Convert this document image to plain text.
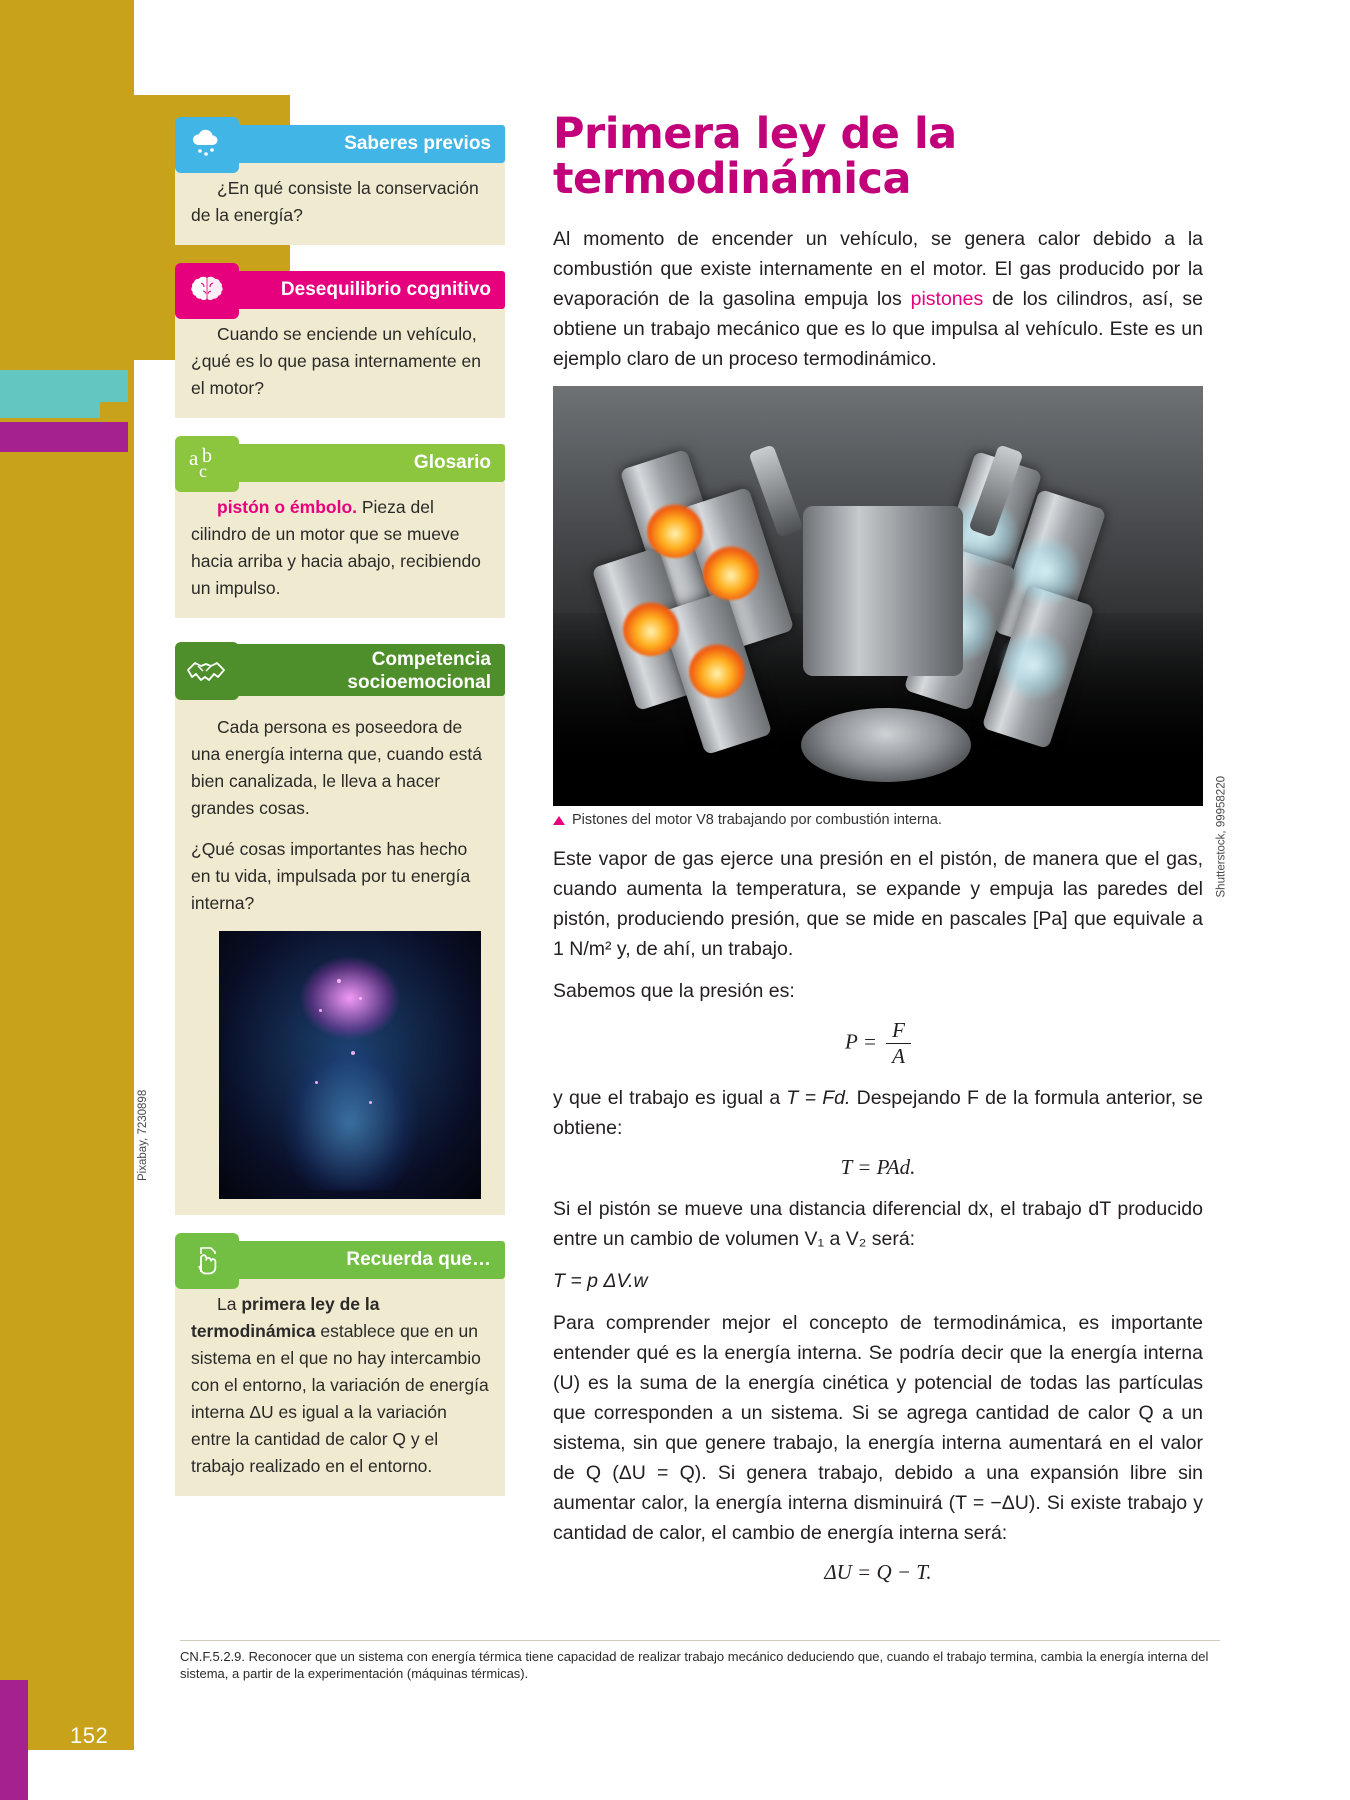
152
Saberes previos

¿En qué consiste la conservación de la energía?

Desequilibrio cognitivo

Cuando se enciende un vehículo, ¿qué es lo que pasa internamente en el motor?

a b
c	Glosario

pistón o émbolo. Pieza del cilindro de un motor que se mueve hacia arriba y hacia abajo, recibiendo un impulso.

Competencia
socioemocional

Cada persona es poseedora de una energía interna que, cuando está bien canalizada, le lleva a hacer grandes cosas.

¿Qué cosas importantes has hecho en tu vida, impulsada por tu energía interna?

Pixabay, 7230898
Recuerda que…

La primera ley de la termodinámica establece que en un sistema en el que no hay intercambio con el entorno, la variación de energía interna ΔU es igual a la variación entre la cantidad de calor Q y el trabajo realizado en el entorno.

Primera ley de la termodinámica

Al momento de encender un vehículo, se genera calor debido a la combustión que existe internamente en el motor. El gas producido por la evaporación de la gasolina empuja los pistones de los cilindros, así, se obtiene un trabajo mecánico que es lo que impulsa al vehículo. Este es un ejemplo claro de un proceso termodinámico.

Shutterstock, 99958220
Pistones del motor V8 trabajando por combustión interna.

Este vapor de gas ejerce una presión en el pistón, de manera que el gas, cuando aumenta la temperatura, se expande y empuja las paredes del pistón, produciendo presión, que se mide en pascales [Pa] que equivale a 1 N/m² y, de ahí, un trabajo.

Sabemos que la presión es:

$P = \frac{F}{A}$

y que el trabajo es igual a T = Fd. Despejando F de la formula anterior, se obtiene:

T = PAd.

Si el pistón se mueve una distancia diferencial dx, el trabajo dT producido entre un cambio de volumen V₁ a V₂ será:

T = p ΔV.w

Para comprender mejor el concepto de termodinámica, es importante entender qué es la energía interna. Se podría decir que la energía interna (U) es la suma de la energía cinética y potencial de todas las partículas que corresponden a un sistema. Si se agrega cantidad de calor Q a un sistema, sin que genere trabajo, la energía interna aumentará en el valor de Q (ΔU = Q). Si genera trabajo, debido a una expansión libre sin aumentar calor, la energía interna disminuirá (T = −ΔU). Si existe trabajo y cantidad de calor, el cambio de energía interna será:

ΔU = Q − T.
CN.F.5.2.9. Reconocer que un sistema con energía térmica tiene capacidad de realizar trabajo mecánico deduciendo que, cuando el trabajo termina, cambia la energía interna del sistema, a partir de la experimentación (máquinas térmicas).
